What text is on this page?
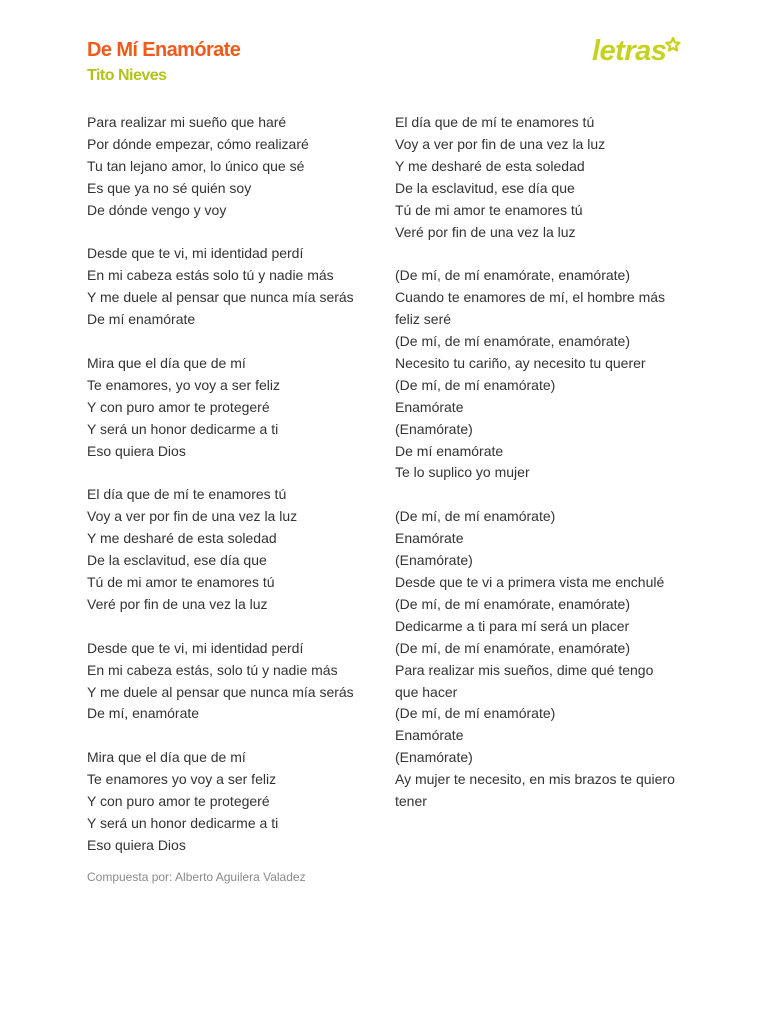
De Mí Enamórate
Tito Nieves
letras
Para realizar mi sueño que haré
Por dónde empezar, cómo realizaré
Tu tan lejano amor, lo único que sé
Es que ya no sé quién soy
De dónde vengo y voy
Desde que te vi, mi identidad perdí
En mi cabeza estás solo tú y nadie más
Y me duele al pensar que nunca mía serás
De mí enamórate
Mira que el día que de mí
Te enamores, yo voy a ser feliz
Y con puro amor te protegeré
Y será un honor dedicarme a ti
Eso quiera Dios
El día que de mí te enamores tú
Voy a ver por fin de una vez la luz
Y me desharé de esta soledad
De la esclavitud, ese día que
Tú de mi amor te enamores tú
Veré por fin de una vez la luz
Desde que te vi, mi identidad perdí
En mi cabeza estás, solo tú y nadie más
Y me duele al pensar que nunca mía serás
De mí, enamórate
Mira que el día que de mí
Te enamores yo voy a ser feliz
Y con puro amor te protegeré
Y será un honor dedicarme a ti
Eso quiera Dios
El día que de mí te enamores tú
Voy a ver por fin de una vez la luz
Y me desharé de esta soledad
De la esclavitud, ese día que
Tú de mi amor te enamores tú
Veré por fin de una vez la luz
(De mí, de mí enamórate, enamórate)
Cuando te enamores de mí, el hombre más
feliz seré
(De mí, de mí enamórate, enamórate)
Necesito tu cariño, ay necesito tu querer
(De mí, de mí enamórate)
Enamórate
(Enamórate)
De mí enamórate
Te lo suplico yo mujer
(De mí, de mí enamórate)
Enamórate
(Enamórate)
Desde que te vi a primera vista me enchulé
(De mí, de mí enamórate, enamórate)
Dedicarme a ti para mí será un placer
(De mí, de mí enamórate, enamórate)
Para realizar mis sueños, dime qué tengo
que hacer
(De mí, de mí enamórate)
Enamórate
(Enamórate)
Ay mujer te necesito, en mis brazos te quiero
tener
Compuesta por: Alberto Aguilera Valadez
